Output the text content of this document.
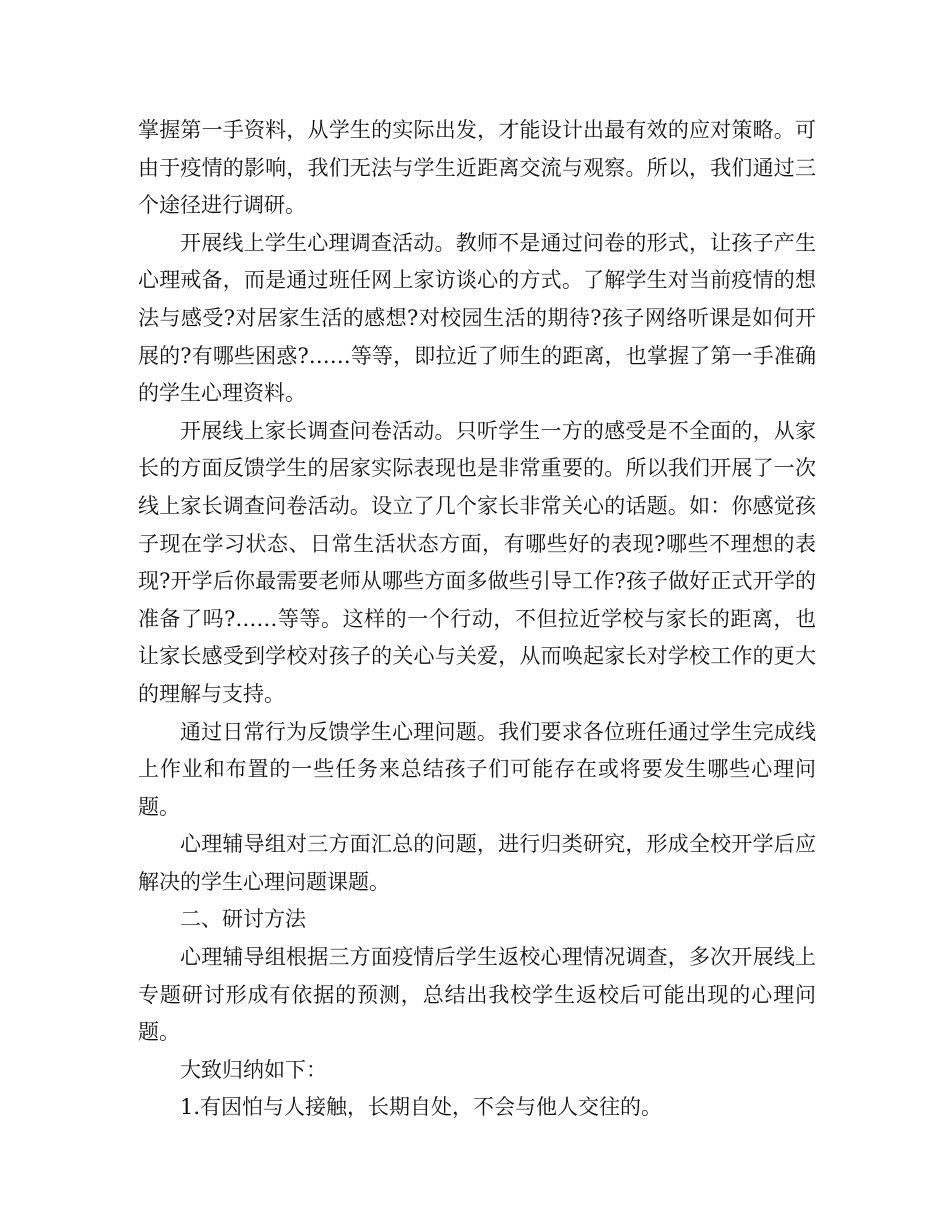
掌握第一手资料，从学生的实际出发，才能设计出最有效的应对策略。可由于疫情的影响，我们无法与学生近距离交流与观察。所以，我们通过三个途径进行调研。

开展线上学生心理调查活动。教师不是通过问卷的形式，让孩子产生心理戒备，而是通过班任网上家访谈心的方式。了解学生对当前疫情的想法与感受?对居家生活的感想?对校园生活的期待?孩子网络听课是如何开展的?有哪些困惑?……等等，即拉近了师生的距离，也掌握了第一手准确的学生心理资料。

开展线上家长调查问卷活动。只听学生一方的感受是不全面的，从家长的方面反馈学生的居家实际表现也是非常重要的。所以我们开展了一次线上家长调查问卷活动。设立了几个家长非常关心的话题。如：你感觉孩子现在学习状态、日常生活状态方面，有哪些好的表现?哪些不理想的表现?开学后你最需要老师从哪些方面多做些引导工作?孩子做好正式开学的准备了吗?……等等。这样的一个行动，不但拉近学校与家长的距离，也让家长感受到学校对孩子的关心与关爱，从而唤起家长对学校工作的更大的理解与支持。

通过日常行为反馈学生心理问题。我们要求各位班任通过学生完成线上作业和布置的一些任务来总结孩子们可能存在或将要发生哪些心理问题。

心理辅导组对三方面汇总的问题，进行归类研究，形成全校开学后应解决的学生心理问题课题。

二、研讨方法

心理辅导组根据三方面疫情后学生返校心理情况调查，多次开展线上专题研讨形成有依据的预测，总结出我校学生返校后可能出现的心理问题。

大致归纳如下：

1.有因怕与人接触，长期自处，不会与他人交往的。
